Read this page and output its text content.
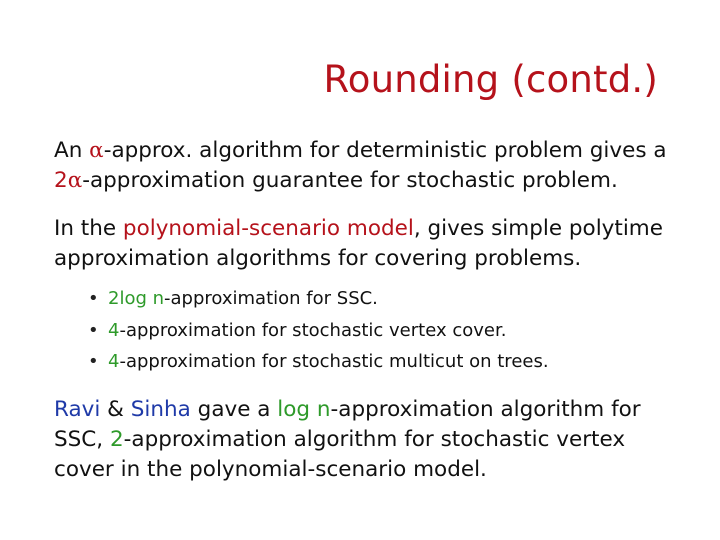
Rounding (contd.)
An α-approx. algorithm for deterministic problem gives a
2α-approximation guarantee for stochastic problem.
In the polynomial-scenario model, gives simple polytime
approximation algorithms for covering problems.
• 2log n-approximation for SSC.
• 4-approximation for stochastic vertex cover.
• 4-approximation for stochastic multicut on trees.
Ravi & Sinha gave a log n-approximation algorithm for
SSC, 2-approximation algorithm for stochastic vertex
cover in the polynomial-scenario model.
